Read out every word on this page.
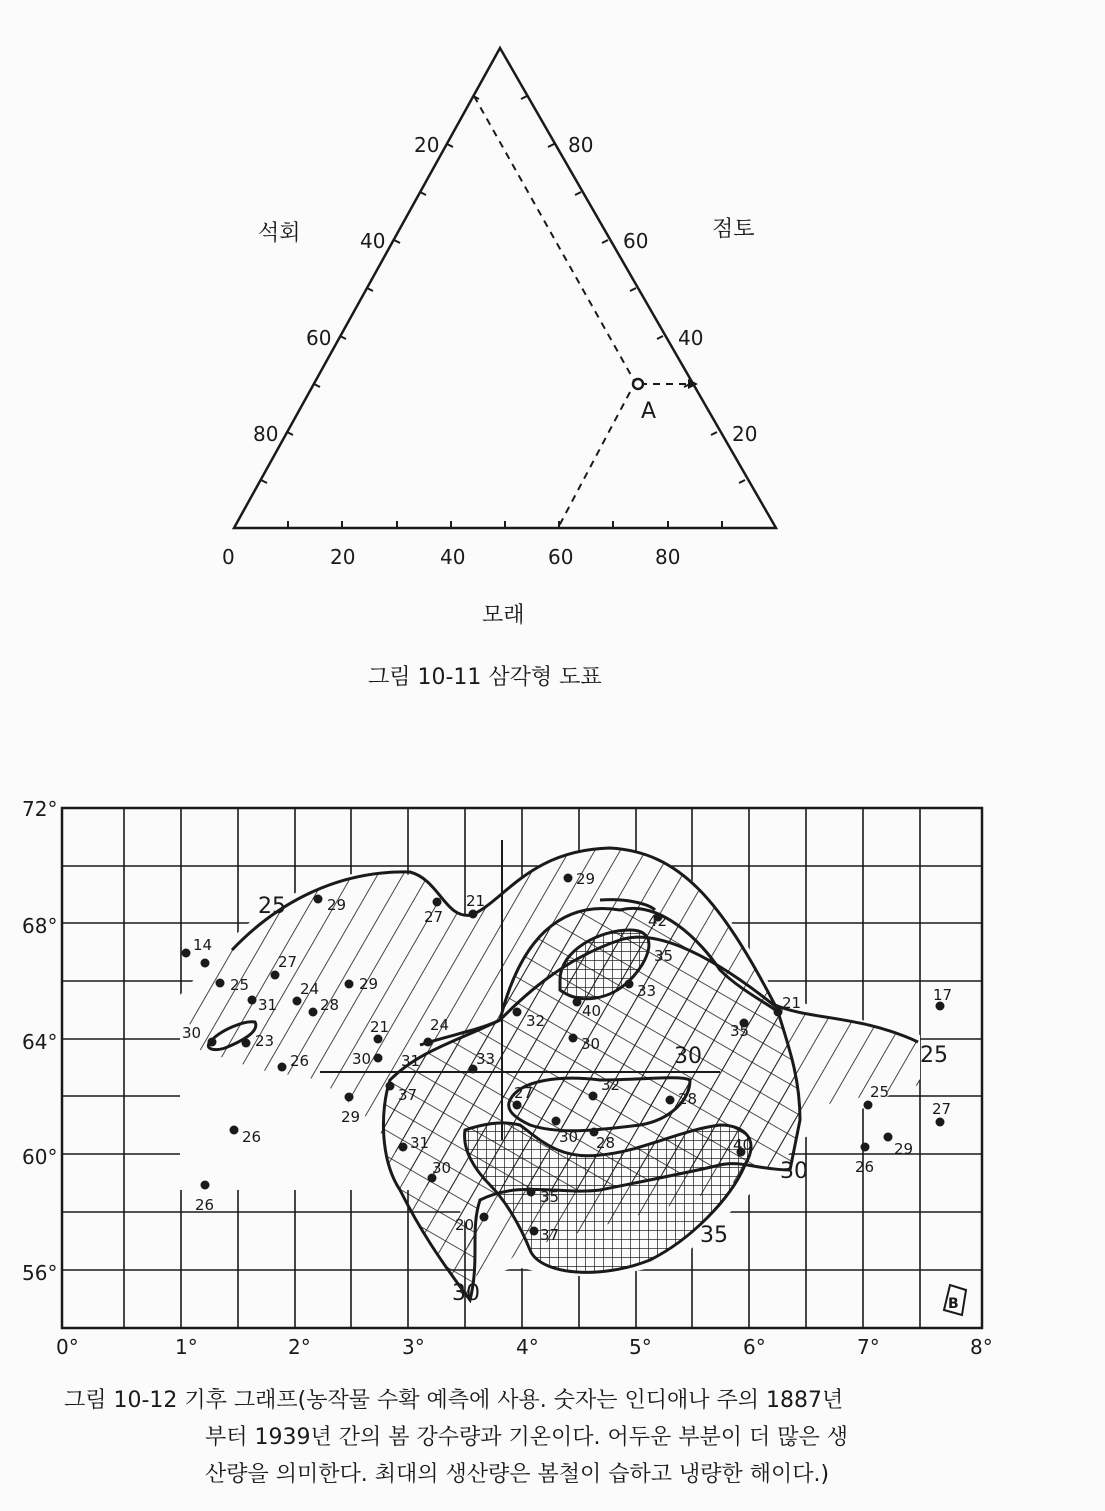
A
20
40
60
80
80
60
40
20
0	20	40	60	80
석회	점토
모래
그림 10-11 삼각형 도표
14
25
31
30	23
27
24
28
29
26
29
21
30 31
37
29
27
21
24
33
31
30
20
35
37
29
42
35
40
33
32
30
27	32
28
30 28	40
21
35
17
25
27
26
29
26
26
25
30
30
35
30
25
72°
68°
64°
60°
56°
0°	1°	2°	3°	4°	5°	6°	7°	8°
B
그림 10-12 기후 그래프(농작물 수확 예측에 사용. 숫자는 인디애나 주의 1887년
부터 1939년 간의 봄 강수량과 기온이다. 어두운 부분이 더 많은 생
산량을 의미한다. 최대의 생산량은 봄철이 습하고 냉량한 해이다.)
